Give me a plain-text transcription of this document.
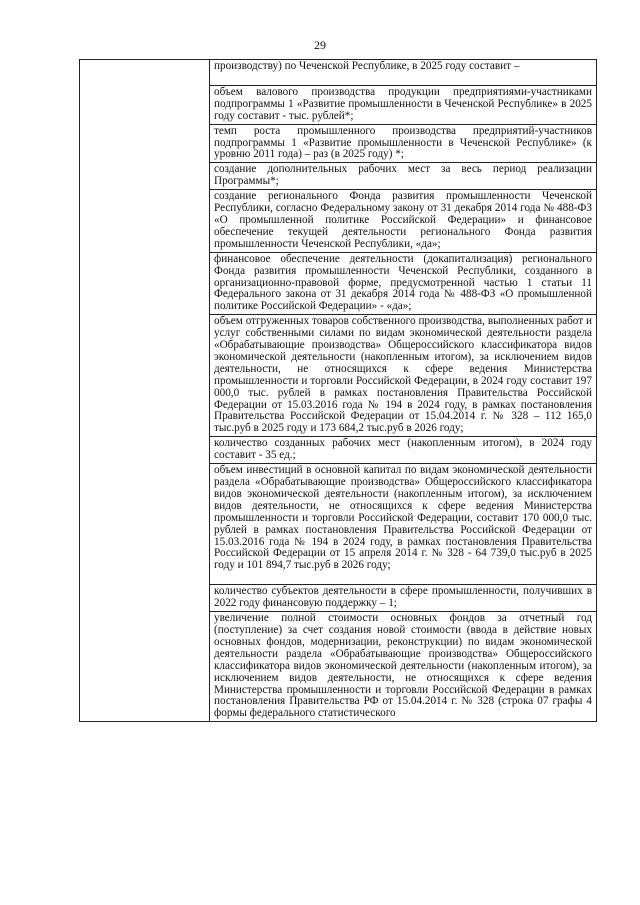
29

производству) по Чеченской Республике, в 2025 году составит –

объем валового производства продукции предприятиями-участниками подпрограммы 1 «Развитие промышленности в Чеченской Республике» в 2025 году составит - тыс. рублей*;

темп роста промышленного производства предприятий-участников подпрограммы 1 «Развитие промышленности в Чеченской Республике» (к уровню 2011 года) – раз (в 2025 году) *;

создание дополнительных рабочих мест за весь период реализации Программы*;

создание регионального Фонда развития промышленности Чеченской Республики, согласно Федеральному закону от 31 декабря 2014 года № 488-ФЗ «О промышленной политике Российской Федерации» и финансовое обеспечение текущей деятельности регионального Фонда развития промышленности Чеченской Республики, «да»;

финансовое обеспечение деятельности (докапитализация) регионального Фонда развития промышленности Чеченской Республики, созданного в организационно-правовой форме, предусмотренной частью 1 статьи 11 Федерального закона от 31 декабря 2014 года № 488-ФЗ «О промышленной политике Российской Федерации» - «да»;

объем отгруженных товаров собственного производства, выполненных работ и услуг собственными силами по видам экономической деятельности раздела «Обрабатывающие производства» Общероссийского классификатора видов экономической деятельности (накопленным итогом), за исключением видов деятельности, не относящихся к сфере ведения Министерства промышленности и торговли Российской Федерации, в 2024 году составит 197 000,0 тыс. рублей в рамках постановления Правительства Российской Федерации от 15.03.2016 года № 194 в 2024 году, в рамках постановления Правительства Российской Федерации от 15.04.2014 г. № 328 – 112 165,0 тыс.руб в 2025 году и 173 684,2 тыс.руб в 2026 году;

количество созданных рабочих мест (накопленным итогом), в 2024 году составит - 35 ед.;

объем инвестиций в основной капитал по видам экономической деятельности раздела «Обрабатывающие производства» Общероссийского классификатора видов экономической деятельности (накопленным итогом), за исключением видов деятельности, не относящихся к сфере ведения Министерства промышленности и торговли Российской Федерации, составит 170 000,0 тыс. рублей в рамках постановления Правительства Российской Федерации от 15.03.2016 года № 194 в 2024 году, в рамках постановления Правительства Российской Федерации от 15 апреля 2014 г. № 328 - 64 739,0 тыс.руб в 2025 году и 101 894,7 тыс.руб в 2026 году;

количество субъектов деятельности в сфере промышленности, получивших в 2022 году финансовую поддержку – 1;

увеличение полной стоимости основных фондов за отчетный год (поступление) за счет создания новой стоимости (ввода в действие новых основных фондов, модернизации, реконструкции) по видам экономической деятельности раздела «Обрабатывающие производства» Общероссийского классификатора видов экономической деятельности (накопленным итогом), за исключением видов деятельности, не относящихся к сфере ведения Министерства промышленности и торговли Российской Федерации в рамках постановления Правительства РФ от 15.04.2014 г. № 328 (строка 07 графы 4 формы федерального статистического
